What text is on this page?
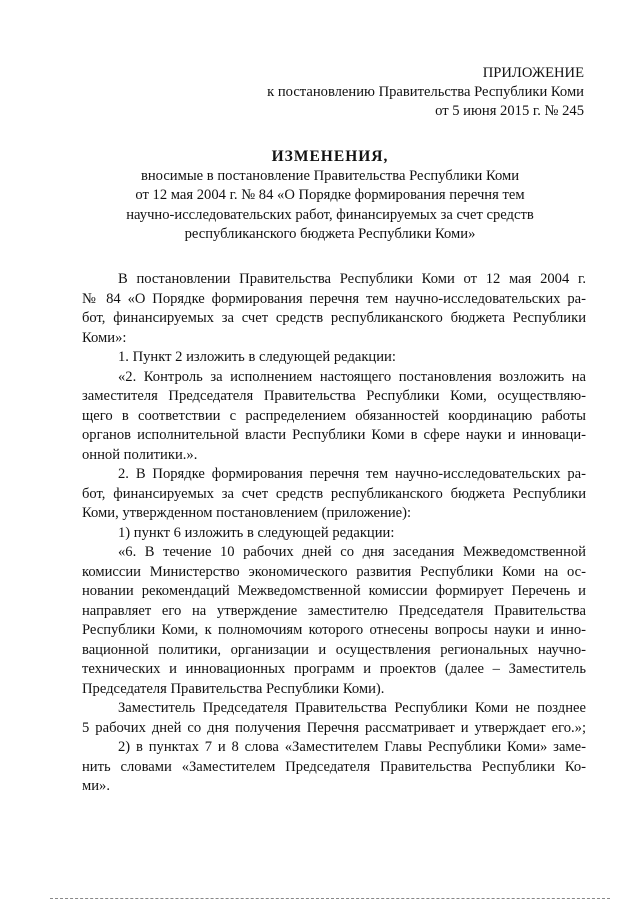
ПРИЛОЖЕНИЕ
к постановлению Правительства Республики Коми
от 5 июня 2015 г. № 245
ИЗМЕНЕНИЯ,
вносимые в постановление Правительства Республики Коми
от 12 мая 2004 г. № 84 «О Порядке формирования перечня тем
научно-исследовательских работ, финансируемых за счет средств
республиканского бюджета Республики Коми»
В постановлении Правительства Республики Коми от 12 мая 2004 г.
№ 84 «О Порядке формирования перечня тем научно-исследовательских ра-
бот, финансируемых за счет средств республиканского бюджета Республики
Коми»:
1. Пункт 2 изложить в следующей редакции:
«2. Контроль за исполнением настоящего постановления возложить на
заместителя Председателя Правительства Республики Коми, осуществляю-
щего в соответствии с распределением обязанностей координацию работы
органов исполнительной власти Республики Коми в сфере науки и инноваци-
онной политики.».
2. В Порядке формирования перечня тем научно-исследовательских ра-
бот, финансируемых за счет средств республиканского бюджета Республики
Коми, утвержденном постановлением (приложение):
1) пункт 6 изложить в следующей редакции:
«6. В течение 10 рабочих дней со дня заседания Межведомственной
комиссии Министерство экономического развития Республики Коми на ос-
новании рекомендаций Межведомственной комиссии формирует Перечень и
направляет его на утверждение заместителю Председателя Правительства
Республики Коми, к полномочиям которого отнесены вопросы науки и инно-
вационной политики, организации и осуществления региональных научно-
технических и инновационных программ и проектов (далее – Заместитель
Председателя Правительства Республики Коми).
Заместитель Председателя Правительства Республики Коми не позднее
5 рабочих дней со дня получения Перечня рассматривает и утверждает его.»;
2) в пунктах 7 и 8 слова «Заместителем Главы Республики Коми» заме-
нить словами «Заместителем Председателя Правительства Республики Ко-
ми».
